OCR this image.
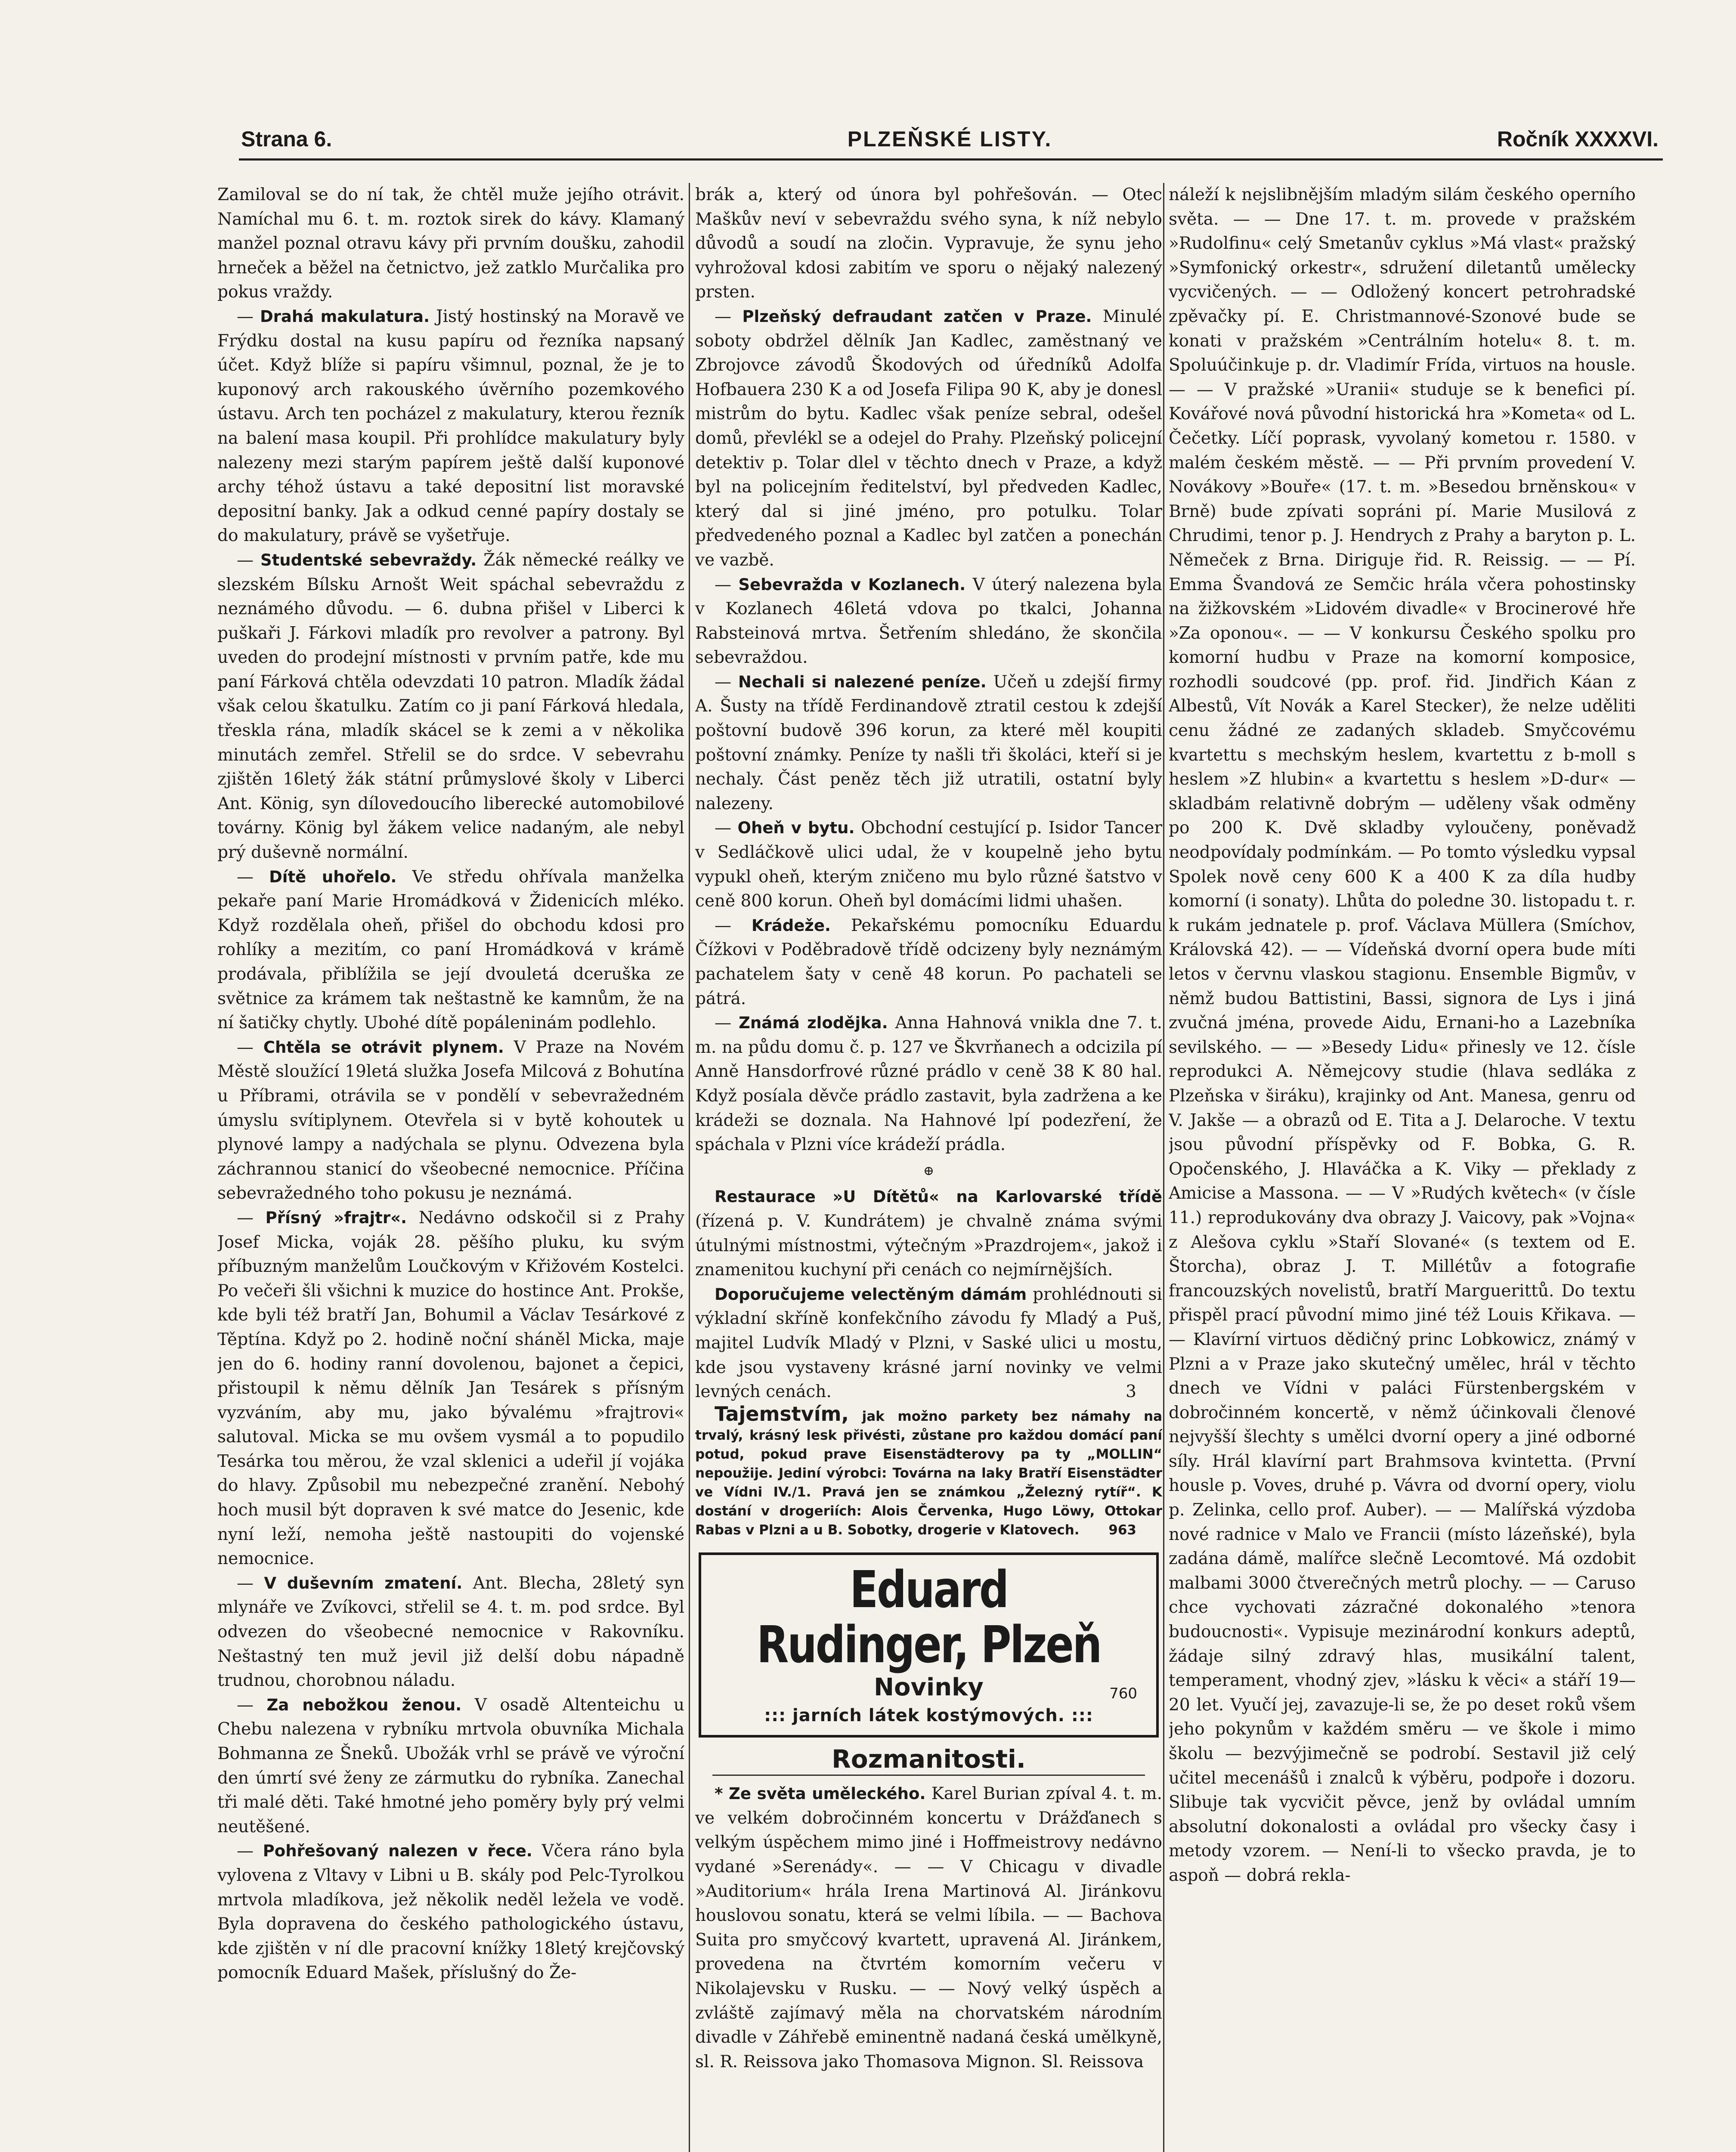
Strana 6.	PLZEŇSKÉ LISTY.	Ročník XXXXVI.

Zamiloval se do ní tak, že chtěl muže jejího otrávit. Namíchal mu 6. t. m. roztok sirek do kávy. Klamaný manžel poznal otravu kávy při prvním doušku, zahodil hrneček a běžel na četnictvo, jež zatklo Murčalika pro pokus vraždy.

— Drahá makulatura. Jistý hostinský na Moravě ve Frýdku dostal na kusu papíru od řezníka napsaný účet. Když blíže si papíru všimnul, poznal, že je to kuponový arch rakouského úvěrního pozemkového ústavu. Arch ten pocházel z makulatury, kterou řezník na balení masa koupil. Při prohlídce makulatury byly nalezeny mezi starým papírem ještě další kuponové archy téhož ústavu a také depositní list moravské depositní banky. Jak a odkud cenné papíry dostaly se do makulatury, právě se vyšetřuje.

— Studentské sebevraždy. Žák německé reálky ve slezském Bílsku Arnošt Weit spáchal sebevraždu z neznámého důvodu. — 6. dubna přišel v Liberci k puškaři J. Fárkovi mladík pro revolver a patrony. Byl uveden do prodejní místnosti v prvním patře, kde mu paní Fárková chtěla odevzdati 10 patron. Mladík žádal však celou škatulku. Zatím co ji paní Fárková hledala, třeskla rána, mladík skácel se k zemi a v několika minutách zemřel. Střelil se do srdce. V sebevrahu zjištěn 16letý žák státní průmyslové školy v Liberci Ant. König, syn dílovedoucího liberecké automobilové továrny. König byl žákem velice nadaným, ale nebyl prý duševně normální.

— Dítě uhořelo. Ve středu ohřívala manželka pekaře paní Marie Hromádková v Židenicích mléko. Když rozdělala oheň, přišel do obchodu kdosi pro rohlíky a mezitím, co paní Hromádková v krámě prodávala, přiblížila se její dvouletá dceruška ze světnice za krámem tak neštastně ke kamnům, že na ní šatičky chytly. Ubohé dítě popáleninám podlehlo.

— Chtěla se otrávit plynem. V Praze na Novém Městě sloužící 19letá služka Josefa Milcová z Bohutína u Příbrami, otrávila se v pondělí v sebevražedném úmyslu svítiplynem. Otevřela si v bytě kohoutek u plynové lampy a nadýchala se plynu. Odvezena byla záchrannou stanicí do všeobecné nemocnice. Příčina sebevražedného toho pokusu je neznámá.

— Přísný »frajtr«. Nedávno odskočil si z Prahy Josef Micka, voják 28. pěšího pluku, ku svým příbuzným manželům Loučkovým v Křižovém Kostelci. Po večeři šli všichni k muzice do hostince Ant. Prokše, kde byli též bratří Jan, Bohumil a Václav Tesárkové z Těptína. Když po 2. hodině noční sháněl Micka, maje jen do 6. hodiny ranní dovolenou, bajonet a čepici, přistoupil k němu dělník Jan Tesárek s přísným vyzváním, aby mu, jako bývalému »frajtrovi« salutoval. Micka se mu ovšem vysmál a to popudilo Tesárka tou měrou, že vzal sklenici a udeřil jí vojáka do hlavy. Způsobil mu nebezpečné zranění. Nebohý hoch musil být dopraven k své matce do Jesenic, kde nyní leží, nemoha ještě nastoupiti do vojenské nemocnice.

— V duševním zmatení. Ant. Blecha, 28letý syn mlynáře ve Zvíkovci, střelil se 4. t. m. pod srdce. Byl odvezen do všeobecné nemocnice v Rakovníku. Neštastný ten muž jevil již delší dobu nápadně trudnou, chorobnou náladu.

— Za nebožkou ženou. V osadě Altenteichu u Chebu nalezena v rybníku mrtvola obuvníka Michala Bohmanna ze Šneků. Ubožák vrhl se právě ve výroční den úmrtí své ženy ze zármutku do rybníka. Zanechal tři malé děti. Také hmotné jeho poměry byly prý velmi neutěšené.

— Pohřešovaný nalezen v řece. Včera ráno byla vylovena z Vltavy v Libni u B. skály pod Pelc-Tyrolkou mrtvola mladíkova, jež několik neděl ležela ve vodě. Byla dopravena do českého pathologického ústavu, kde zjištěn v ní dle pracovní knížky 18letý krejčovský pomocník Eduard Mašek, příslušný do Že-

brák a, který od února byl pohřešován. — Otec Maškův neví v sebevraždu svého syna, k níž nebylo důvodů a soudí na zločin. Vypravuje, že synu jeho vyhrožoval kdosi zabitím ve sporu o nějaký nalezený prsten.

— Plzeňský defraudant zatčen v Praze. Minulé soboty obdržel dělník Jan Kadlec, zaměstnaný ve Zbrojovce závodů Škodových od úředníků Adolfa Hofbauera 230 K a od Josefa Filipa 90 K, aby je donesl mistrům do bytu. Kadlec však peníze sebral, odešel domů, převlékl se a odejel do Prahy. Plzeňský policejní detektiv p. Tolar dlel v těchto dnech v Praze, a když byl na policejním ředitelství, byl předveden Kadlec, který dal si jiné jméno, pro potulku. Tolar předvedeného poznal a Kadlec byl zatčen a ponechán ve vazbě.

— Sebevražda v Kozlanech. V úterý nalezena byla v Kozlanech 46letá vdova po tkalci, Johanna Rabsteinová mrtva. Šetřením shledáno, že skončila sebevraždou.

— Nechali si nalezené peníze. Učeň u zdejší firmy A. Šusty na třídě Ferdinandově ztratil cestou k zdejší poštovní budově 396 korun, za které měl koupiti poštovní známky. Peníze ty našli tři školáci, kteří si je nechaly. Část peněz těch již utratili, ostatní byly nalezeny.

— Oheň v bytu. Obchodní cestující p. Isidor Tancer v Sedláčkově ulici udal, že v koupelně jeho bytu vypukl oheň, kterým zničeno mu bylo různé šatstvo v ceně 800 korun. Oheň byl domácími lidmi uhašen.

— Krádeže. Pekařskému pomocníku Eduardu Čížkovi v Poděbradově třídě odcizeny byly neznámým pachatelem šaty v ceně 48 korun. Po pachateli se pátrá.

— Známá zlodějka. Anna Hahnová vnikla dne 7. t. m. na půdu domu č. p. 127 ve Škvrňanech a odcizila pí Anně Hansdorfrové různé prádlo v ceně 38 K 80 hal. Když posíala děvče prádlo zastavit, byla zadržena a ke krádeži se doznala. Na Hahnové lpí podezření, že spáchala v Plzni více krádeží prádla.

⊕

Restaurace »U Dítětů« na Karlovarské třídě (řízená p. V. Kundrátem) je chvalně známa svými útulnými místnostmi, výtečným »Prazdrojem«, jakož i znamenitou kuchyní při cenách co nejmírnějších.

Doporučujeme velectěným dámám prohlédnouti si výkladní skříně konfekčního závodu fy Mladý a Puš, majitel Ludvík Mladý v Plzni, v Saské ulici u mostu, kde jsou vystaveny krásné jarní novinky ve velmi levných cenách.	3

Tajemstvím, jak možno parkety bez námahy na trvalý, krásný lesk přivésti, zůstane pro každou domácí paní potud, pokud prave Eisenstädterovy pa ty „MOLLIN“ nepoužije. Jediní výrobci: Továrna na laky Bratří Eisenstädter ve Vídni IV./1. Pravá jen se známkou „Železný rytíř“. K dostání v drogeriích: Alois Červenka, Hugo Löwy, Ottokar Rabas v Plzni a u B. Sobotky, drogerie v Klatovech.	963

Eduard Rudinger, Plzeň
Novinky	760
::: jarních látek kostýmových. :::
Rozmanitosti.

* Ze světa uměleckého. Karel Burian zpíval 4. t. m. ve velkém dobročinném koncertu v Drážďanech s velkým úspěchem mimo jiné i Hoffmeistrovy nedávno vydané »Serenády«. — — V Chicagu v divadle »Auditorium« hrála Irena Martinová Al. Jiránkovu houslovou sonatu, která se velmi líbila. — — Bachova Suita pro smyčcový kvartett, upravená Al. Jiránkem, provedena na čtvrtém komorním večeru v Nikolajevsku v Rusku. — — Nový velký úspěch a zvláště zajímavý měla na chorvatském národním divadle v Záhřebě eminentně nadaná česká umělkyně, sl. R. Reissova jako Thomasova Mignon. Sl. Reissova

náleží k nejslibnějším mladým silám českého operního světa. — — Dne 17. t. m. provede v pražském »Rudolfinu« celý Smetanův cyklus »Má vlast« pražský »Symfonický orkestr«, sdružení diletantů umělecky vycvičených. — — Odložený koncert petrohradské zpěvačky pí. E. Christmannové-Szonové bude se konati v pražském »Centrálním hotelu« 8. t. m. Spoluúčinkuje p. dr. Vladimír Frída, virtuos na housle. — — V pražské »Uranii« studuje se k benefici pí. Kovářové nová původní historická hra »Kometa« od L. Čečetky. Líčí poprask, vyvolaný kometou r. 1580. v malém českém městě. — — Při prvním provedení V. Novákovy »Bouře« (17. t. m. »Besedou brněnskou« v Brně) bude zpívati sopráni pí. Marie Musilová z Chrudimi, tenor p. J. Hendrych z Prahy a baryton p. L. Němeček z Brna. Diriguje řid. R. Reissig. — — Pí. Emma Švandová ze Semčic hrála včera pohostinsky na žižkovském »Lidovém divadle« v Brocinerové hře »Za oponou«. — — V konkursu Českého spolku pro komorní hudbu v Praze na komorní komposice, rozhodli soudcové (pp. prof. řid. Jindřich Káan z Albestů, Vít Novák a Karel Stecker), že nelze uděliti cenu žádné ze zadaných skladeb. Smyčcovému kvartettu s mechským heslem, kvartettu z b-moll s heslem »Z hlubin« a kvartettu s heslem »D-dur« — skladbám relativně dobrým — uděleny však odměny po 200 K. Dvě skladby vyloučeny, poněvadž neodpovídaly podmínkám. — Po tomto výsledku vypsal Spolek nově ceny 600 K a 400 K za díla hudby komorní (i sonaty). Lhůta do poledne 30. listopadu t. r. k rukám jednatele p. prof. Václava Müllera (Smíchov, Královská 42). — — Vídeňská dvorní opera bude míti letos v červnu vlaskou stagionu. Ensemble Bigmův, v němž budou Battistini, Bassi, signora de Lys i jiná zvučná jména, provede Aidu, Ernani-ho a Lazebníka sevilského. — — »Besedy Lidu« přinesly ve 12. čísle reprodukci A. Němejcovy studie (hlava sedláka z Plzeňska v širáku), krajinky od Ant. Manesa, genru od V. Jakše — a obrazů od E. Tita a J. Delaroche. V textu jsou původní příspěvky od F. Bobka, G. R. Opočenského, J. Hlaváčka a K. Viky — překlady z Amicise a Massona. — — V »Rudých květech« (v čísle 11.) reprodukovány dva obrazy J. Vaicovy, pak »Vojna« z Alešova cyklu »Staří Slované« (s textem od E. Štorcha), obraz J. T. Millétův a fotografie francouzských novelistů, bratří Marguerittů. Do textu přispěl prací původní mimo jiné též Louis Křikava. — — Klavírní virtuos dědičný princ Lobkowicz, známý v Plzni a v Praze jako skutečný umělec, hrál v těchto dnech ve Vídni v paláci Fürstenbergském v dobročinném koncertě, v němž účinkovali členové nejvyšší šlechty s umělci dvorní opery a jiné odborné síly. Hrál klavírní part Brahmsova kvintetta. (První housle p. Voves, druhé p. Vávra od dvorní opery, violu p. Zelinka, cello prof. Auber). — — Malířská výzdoba nové radnice v Malo ve Francii (místo lázeňské), byla zadána dámě, malířce slečně Lecomtové. Má ozdobit malbami 3000 čtverečných metrů plochy. — — Caruso chce vychovati zázračné dokonalého »tenora budoucnosti«. Vypisuje mezinárodní konkurs adeptů, žádaje silný zdravý hlas, musikální talent, temperament, vhodný zjev, »lásku k věci« a stáří 19—20 let. Vyučí jej, zavazuje-li se, že po deset roků všem jeho pokynům v každém směru — ve škole i mimo školu — bezvýjimečně se podrobí. Sestavil již celý učitel mecenášů i znalců k výběru, podpoře i dozoru. Slibuje tak vycvičit pěvce, jenž by ovládal umním absolutní dokonalosti a ovládal pro všecky časy i metody vzorem. — Není-li to všecko pravda, je to aspoň — dobrá rekla-
